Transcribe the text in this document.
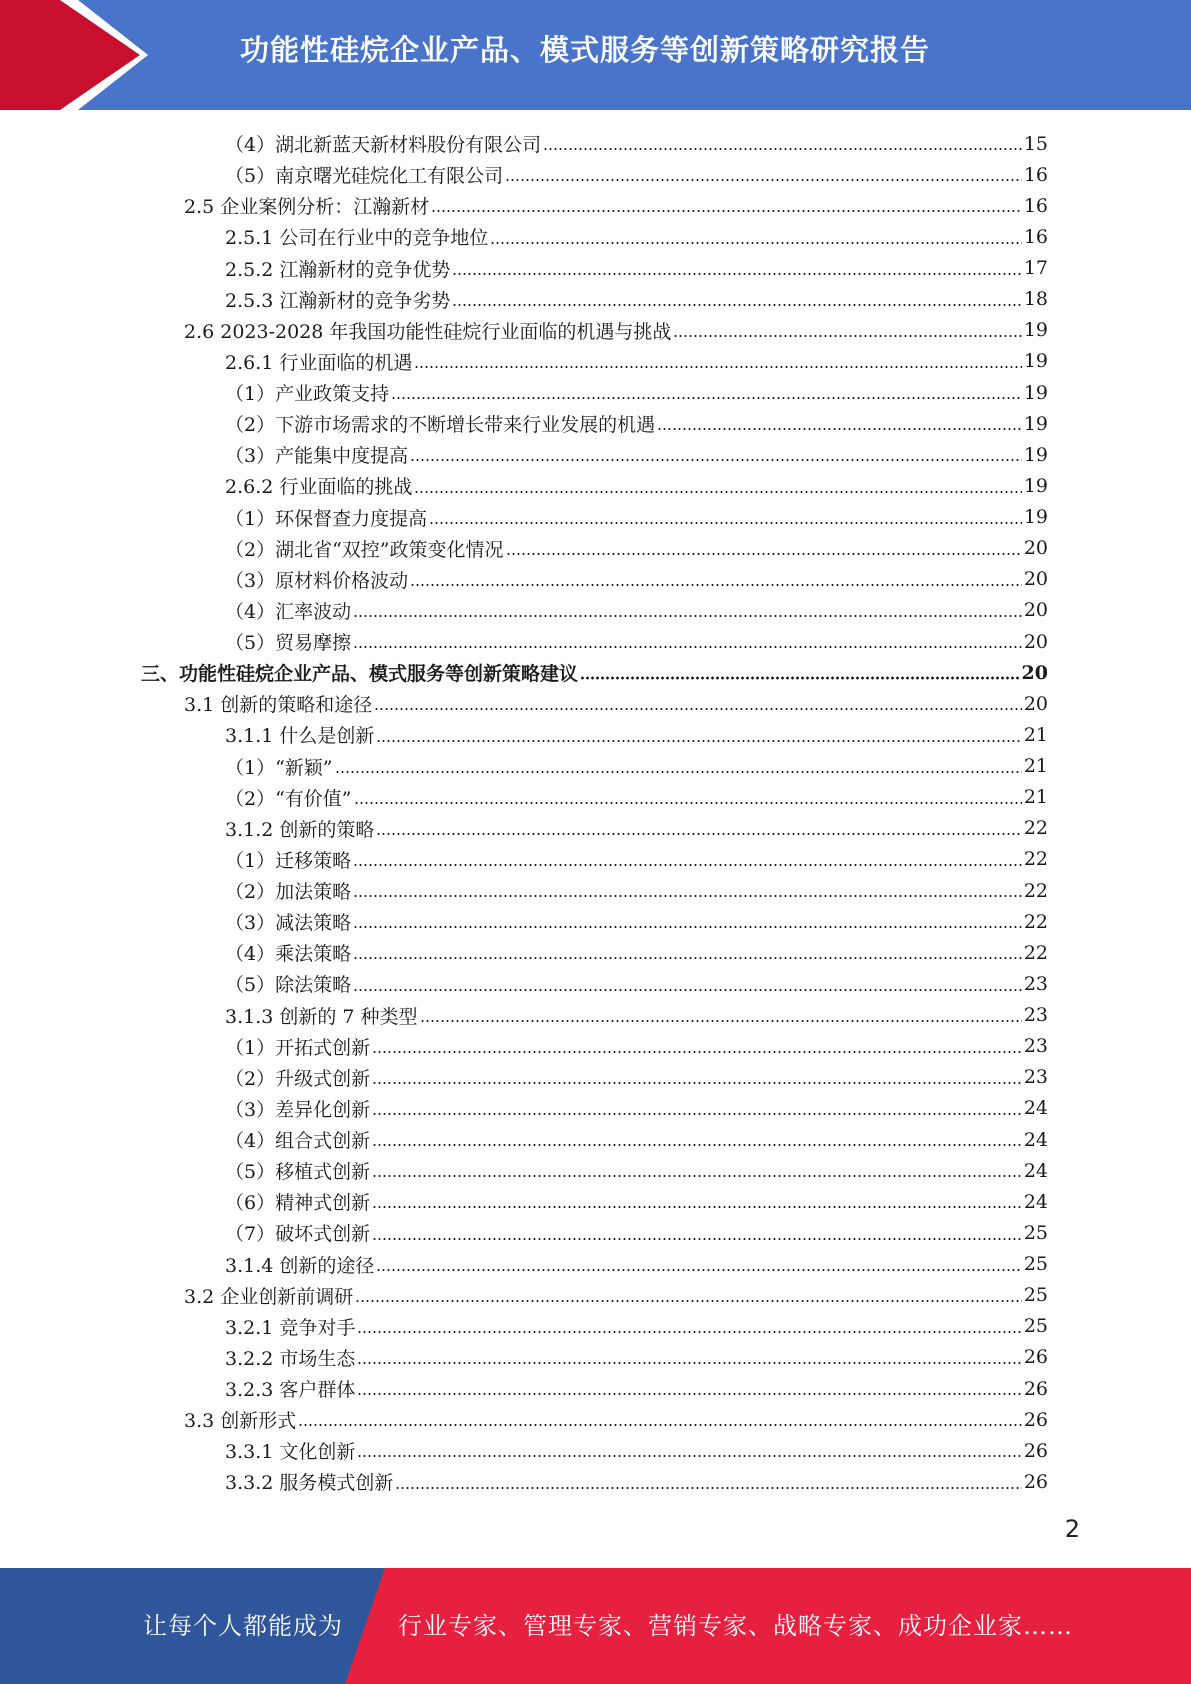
功能性硅烷企业产品、模式服务等创新策略研究报告
（4）湖北新蓝天新材料股份有限公司	15
（5）南京曙光硅烷化工有限公司	16
2.5 企业案例分析：江瀚新材	16
2.5.1 公司在行业中的竞争地位	16
2.5.2 江瀚新材的竞争优势	17
2.5.3 江瀚新材的竞争劣势	18
2.6 2023-2028 年我国功能性硅烷行业面临的机遇与挑战	19
2.6.1 行业面临的机遇	19
（1）产业政策支持	19
（2）下游市场需求的不断增长带来行业发展的机遇	19
（3）产能集中度提高	19
2.6.2 行业面临的挑战	19
（1）环保督查力度提高	19
（2）湖北省“双控”政策变化情况	20
（3）原材料价格波动	20
（4）汇率波动	20
（5）贸易摩擦	20
三、功能性硅烷企业产品、模式服务等创新策略建议	20
3.1 创新的策略和途径	20
3.1.1 什么是创新	21
（1）“新颖”	21
（2）“有价值”	21
3.1.2 创新的策略	22
（1）迁移策略	22
（2）加法策略	22
（3）减法策略	22
（4）乘法策略	22
（5）除法策略	23
3.1.3 创新的 7 种类型	23
（1）开拓式创新	23
（2）升级式创新	23
（3）差异化创新	24
（4）组合式创新	24
（5）移植式创新	24
（6）精神式创新	24
（7）破坏式创新	25
3.1.4 创新的途径	25
3.2 企业创新前调研	25
3.2.1 竞争对手	25
3.2.2 市场生态	26
3.2.3 客户群体	26
3.3 创新形式	26
3.3.1 文化创新	26
3.3.2 服务模式创新	26
2
让每个人都能成为 行业专家、管理专家、营销专家、战略专家、成功企业家……
